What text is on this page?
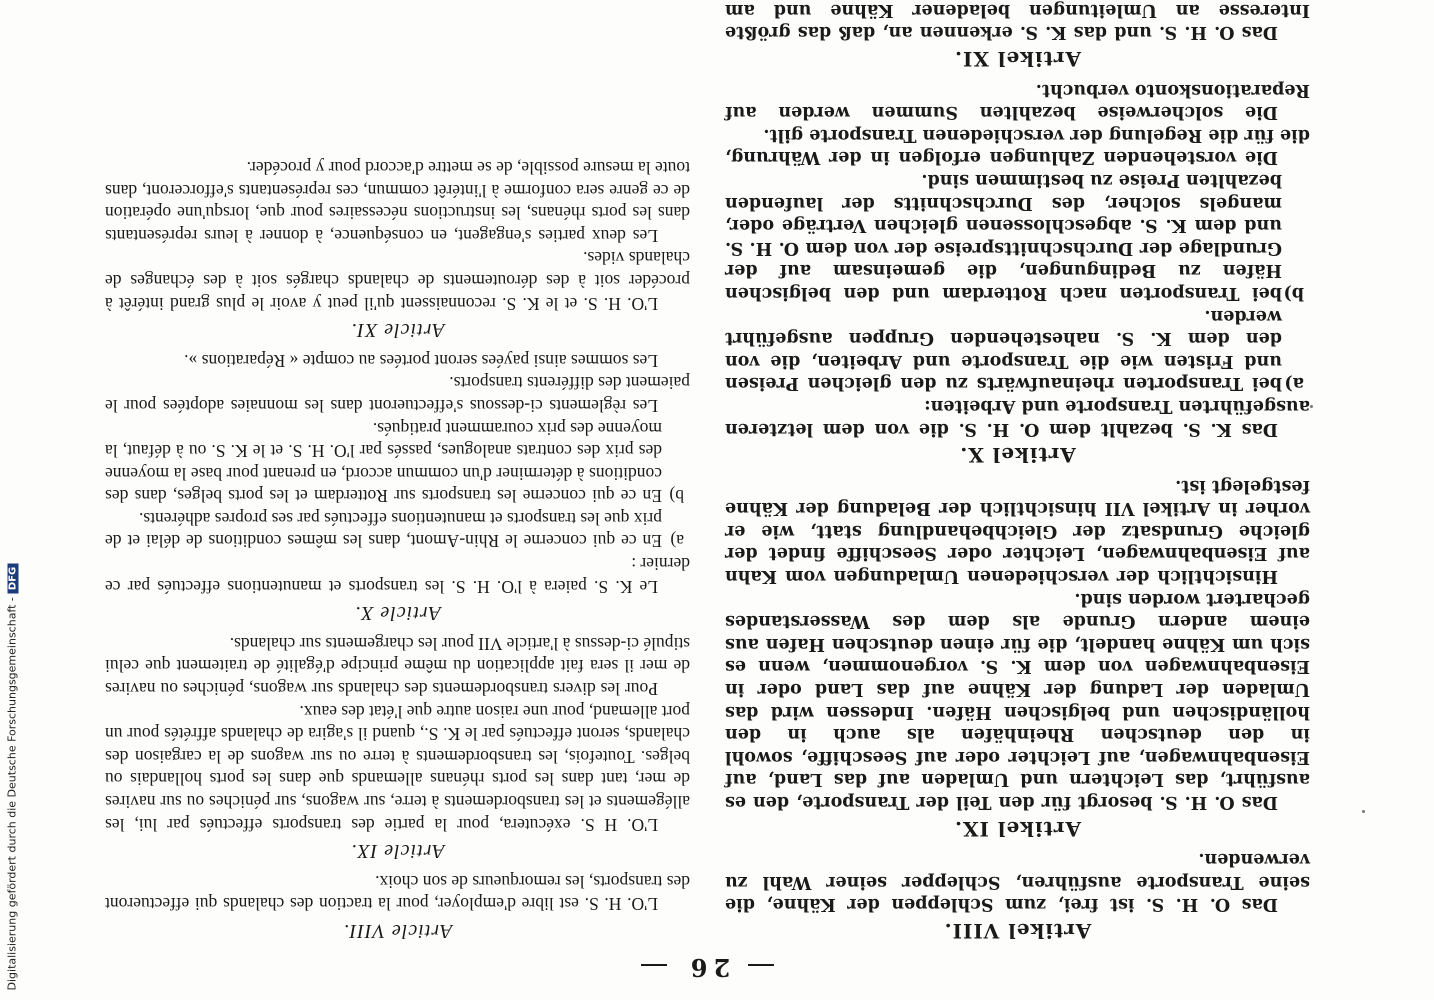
26
Artikel VIII.

Das O. H. S. ist frei, zum Schleppen der Kähne, die seine Transporte ausführen, Schlepper seiner Wahl zu verwenden.

Artikel IX.

Das O. H. S. besorgt für den Teil der Transporte, den es ausführt, das Leichtern und Umladen auf das Land, auf Eisenbahnwagen, auf Leichter oder auf Seeschiffe, sowohl in den deutschen Rheinhäfen als auch in den holländischen und belgischen Häfen. Indessen wird das Umladen der Ladung der Kähne auf das Land oder in Eisenbahnwagen von dem K. S. vorgenommen, wenn es sich um Kähne handelt, die für einen deutschen Hafen aus einem andern Grunde als dem des Wasserstandes gechartert worden sind.

Hinsichtlich der verschiedenen Umladungen vom Kahn auf Eisenbahnwagen, Leichter oder Seeschiffe findet der gleiche Grundsatz der Gleichbehandlung statt, wie er vorher in Artikel VII hinsichtlich der Beladung der Kähne festgelegt ist.

Artikel X.

Das K. S. bezahlt dem O. H. S. die von dem letzteren ausgeführten Transporte und Arbeiten:

a)bei Transporten rheinaufwärts zu den gleichen Preisen und Fristen wie die Transporte und Arbeiten, die von den dem K. S. nahestehenden Gruppen ausgeführt werden.
b)bei Transporten nach Rotterdam und den belgischen Häfen zu Bedingungen, die gemeinsam auf der Grundlage der Durchschnittspreise der von dem O. H. S. und dem K. S. abgeschlossenen gleichen Verträge oder, mangels solcher, des Durchschnitts der laufenden bezahlten Preise zu bestimmen sind.

Die vorstehenden Zahlungen erfolgen in der Währung, die für die Regelung der verschiedenen Transporte gilt.

Die solcherweise bezahlten Summen werden auf Reparationskonto verbucht.

Artikel XI.

Das O. H. S. und das K. S. erkennen an, daß das größte Interesse an Umleitungen beladener Kähne und am

Article VIII.

L'O. H. S. est libre d'employer, pour la traction des chalands qui effectueront des transports, les remorqueurs de son choix.

Article IX.

L'O. H S. exécutera, pour la partie des transports effectués par lui, les allégements et les transbordements à terre, sur wagons, sur péniches ou sur navires de mer, tant dans les ports rhénans allemands que dans les ports hollandais ou belges. Toutefois, les transbordements à terre ou sur wagons de la cargaison des chalands, seront effectués par le K. S., quand il s'agira de chalands affrétés pour un port allemand, pour une raison autre que l'état des eaux.

Pour les divers transbordements des chalands sur wagons, péniches ou navires de mer il sera fait application du même principe d'égalité de traitement que celui stipulé ci-dessus à l'article VII pour les chargements sur chalands.

Article X.

Le K. S. paiera à l'O. H. S. les transports et manutentions effectués par ce dernier :

a)En ce qui concerne le Rhin-Amont, dans les mêmes conditions de délai et de prix que les transports et manutentions effectués par ses propres adhérents.
b)En ce qui concerne les transports sur Rotterdam et les ports belges, dans des conditions à déterminer d'un commun accord, en prenant pour base la moyenne des prix des contrats analogues, passés par l'O. H. S. et le K. S. ou à défaut, la moyenne des prix couramment pratiqués.

Les règlements ci-dessous s'effectueront dans les monnaies adoptées pour le paiement des différents transports.

Les sommes ainsi payées seront portées au compte « Réparations ».

Article XI.

L'O. H. S. et le K. S. reconnaissent qu'il peut y avoir le plus grand intérêt à procéder soit à des déroutements de chalands chargés soit à des échanges de chalands vides.

Les deux parties s'engagent, en conséquence, à donner à leurs représentants dans les ports rhénans, les instructions nécessaires pour que, lorsqu'une opération de ce genre sera conforme à l'intérêt commun, ces représentants s'efforceront, dans toute la mesure possible, de se mettre d'accord pour y procéder.

Digitalisierung gefördert durch die Deutsche Forschungsgemeinschaft -DFG
